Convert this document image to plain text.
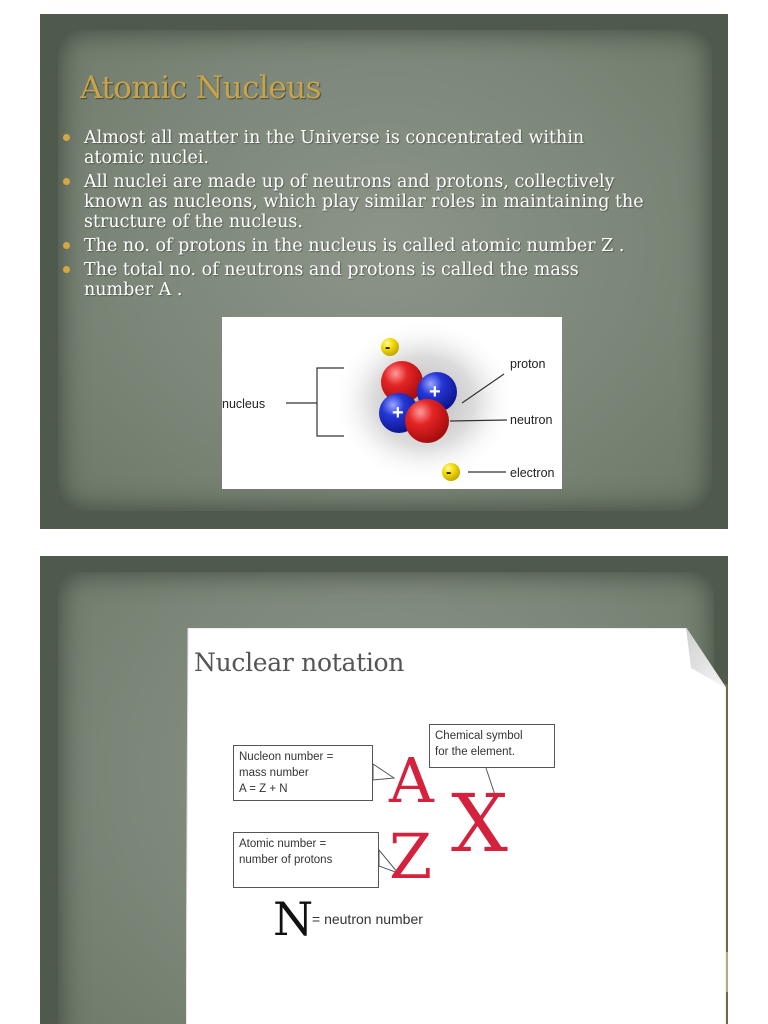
Atomic Nucleus
Almost all matter in the Universe is concentrated within atomic nuclei.
All nuclei are made up of neutrons and protons, collectively known as nucleons, which play similar roles in maintaining the structure of the nucleus.
The no. of protons in the nucleus is called atomic number Z .
The total no. of neutrons and protons is called the mass number A .
nucleus
+
+
-
-
proton
neutron
electron
Nuclear notation
Nucleon number =
mass number
A = Z + N
Atomic number =
number of protons
Chemical symbol
for the element.
A
Z X
N
= neutron number
